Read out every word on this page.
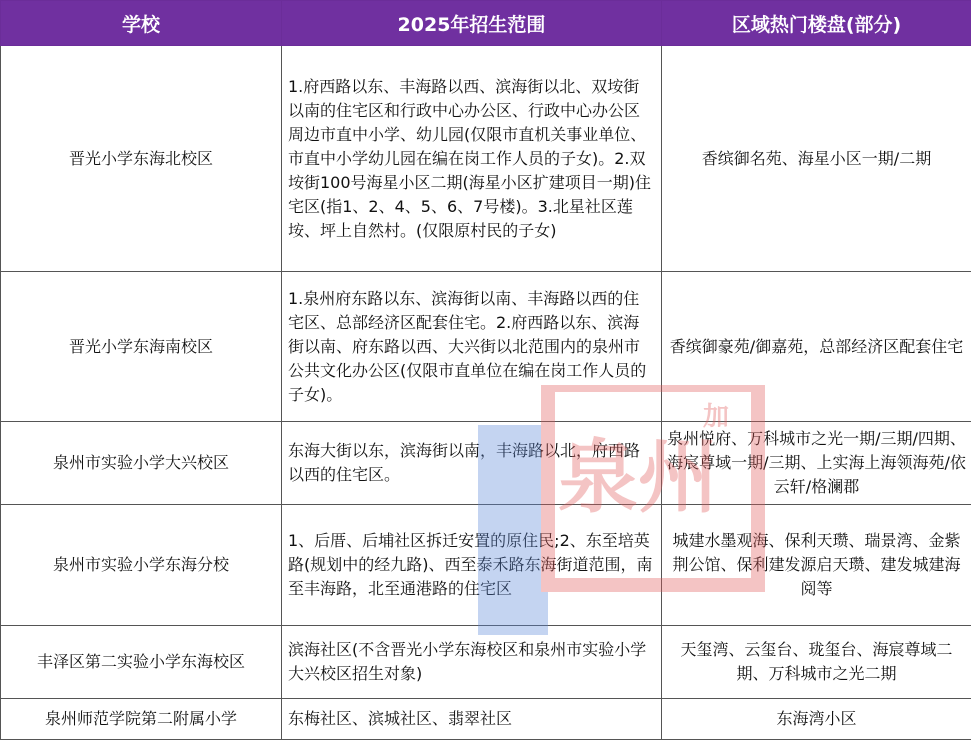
学校	2025年招生范围	区域热门楼盘(部分)
晋光小学东海北校区	1.府西路以东、丰海路以西、滨海街以北、双垵街以南的住宅区和行政中心办公区、行政中心办公区周边市直中小学、幼儿园(仅限市直机关事业单位、市直中小学幼儿园在编在岗工作人员的子女)。2.双垵街100号海星小区二期(海星小区扩建项目一期)住宅区(指1、2、4、5、6、7号楼)。3.北星社区莲垵、坪上自然村。(仅限原村民的子女)	香缤御名苑、海星小区一期/二期
晋光小学东海南校区	1.泉州府东路以东、滨海街以南、丰海路以西的住宅区、总部经济区配套住宅。2.府西路以东、滨海街以南、府东路以西、大兴街以北范围内的泉州市公共文化办公区(仅限市直单位在编在岗工作人员的子女)。	香缤御豪苑/御嘉苑，总部经济区配套住宅
泉州市实验小学大兴校区	东海大街以东，滨海街以南，丰海路以北，府西路以西的住宅区。	泉州悦府、万科城市之光一期/三期/四期、海宸尊域一期/三期、上实海上海领海苑/依云轩/格澜郡
泉州市实验小学东海分校	1、后厝、后埔社区拆迁安置的原住民;2、东至培英路(规划中的经九路)、西至泰禾路东海街道范围，南至丰海路，北至通港路的住宅区	城建水墨观海、保利天瓒、瑞景湾、金紫荆公馆、保利建发源启天瓒、建发城建海阅等
丰泽区第二实验小学东海校区	滨海社区(不含晋光小学东海校区和泉州市实验小学大兴校区招生对象)	天玺湾、云玺台、珑玺台、海宸尊域二期、万科城市之光二期
泉州师范学院第二附属小学	东梅社区、滨城社区、翡翠社区	东海湾小区
泉州
加
